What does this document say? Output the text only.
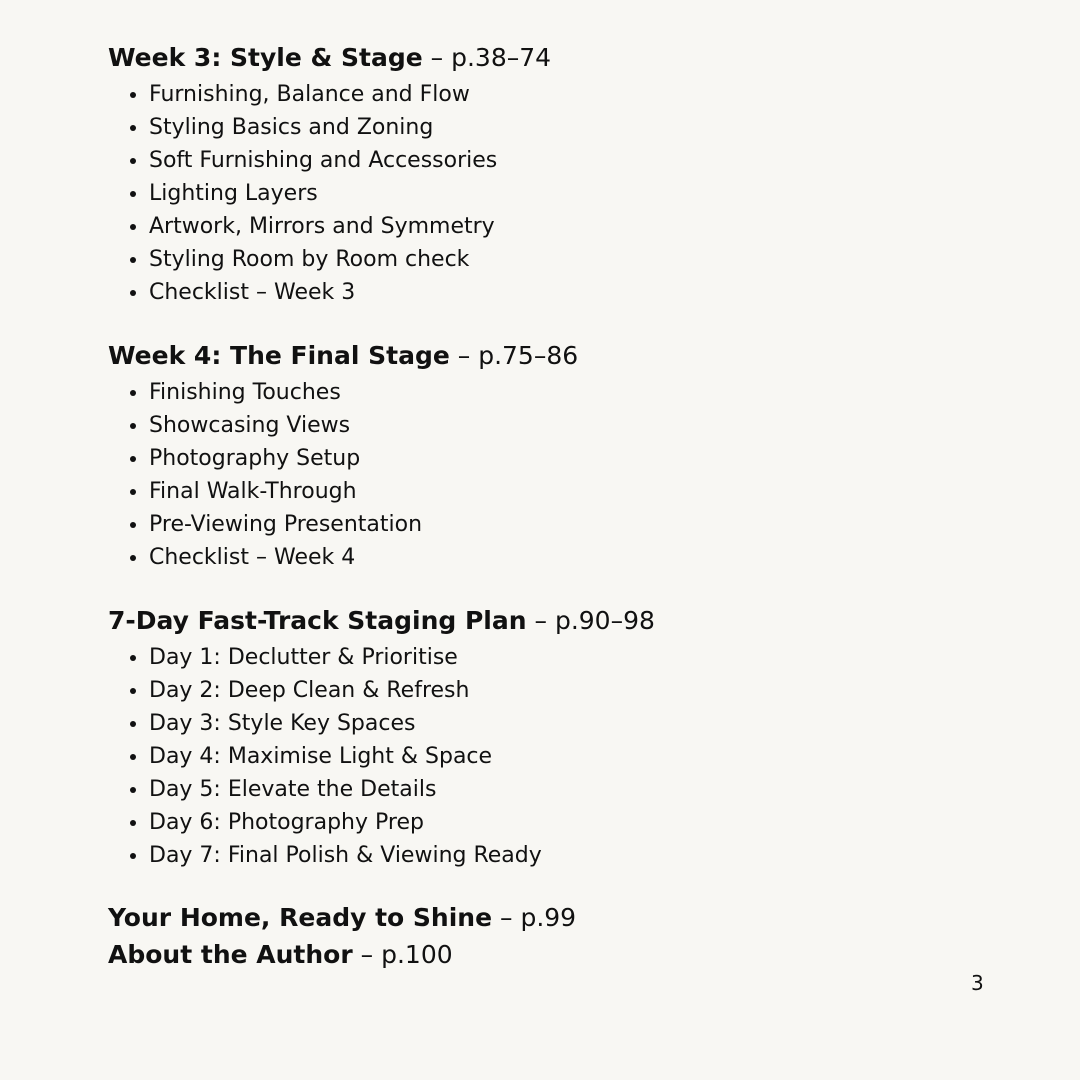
Week 3: Style & Stage – p.38–74
Furnishing, Balance and Flow
Styling Basics and Zoning
Soft Furnishing and Accessories
Lighting Layers
Artwork, Mirrors and Symmetry
Styling Room by Room check
Checklist – Week 3
Week 4: The Final Stage – p.75–86
Finishing Touches
Showcasing Views
Photography Setup
Final Walk-Through
Pre-Viewing Presentation
Checklist – Week 4
7-Day Fast-Track Staging Plan – p.90–98
Day 1: Declutter & Prioritise
Day 2: Deep Clean & Refresh
Day 3: Style Key Spaces
Day 4: Maximise Light & Space
Day 5: Elevate the Details
Day 6: Photography Prep
Day 7: Final Polish & Viewing Ready
Your Home, Ready to Shine – p.99
About the Author – p.100
3
